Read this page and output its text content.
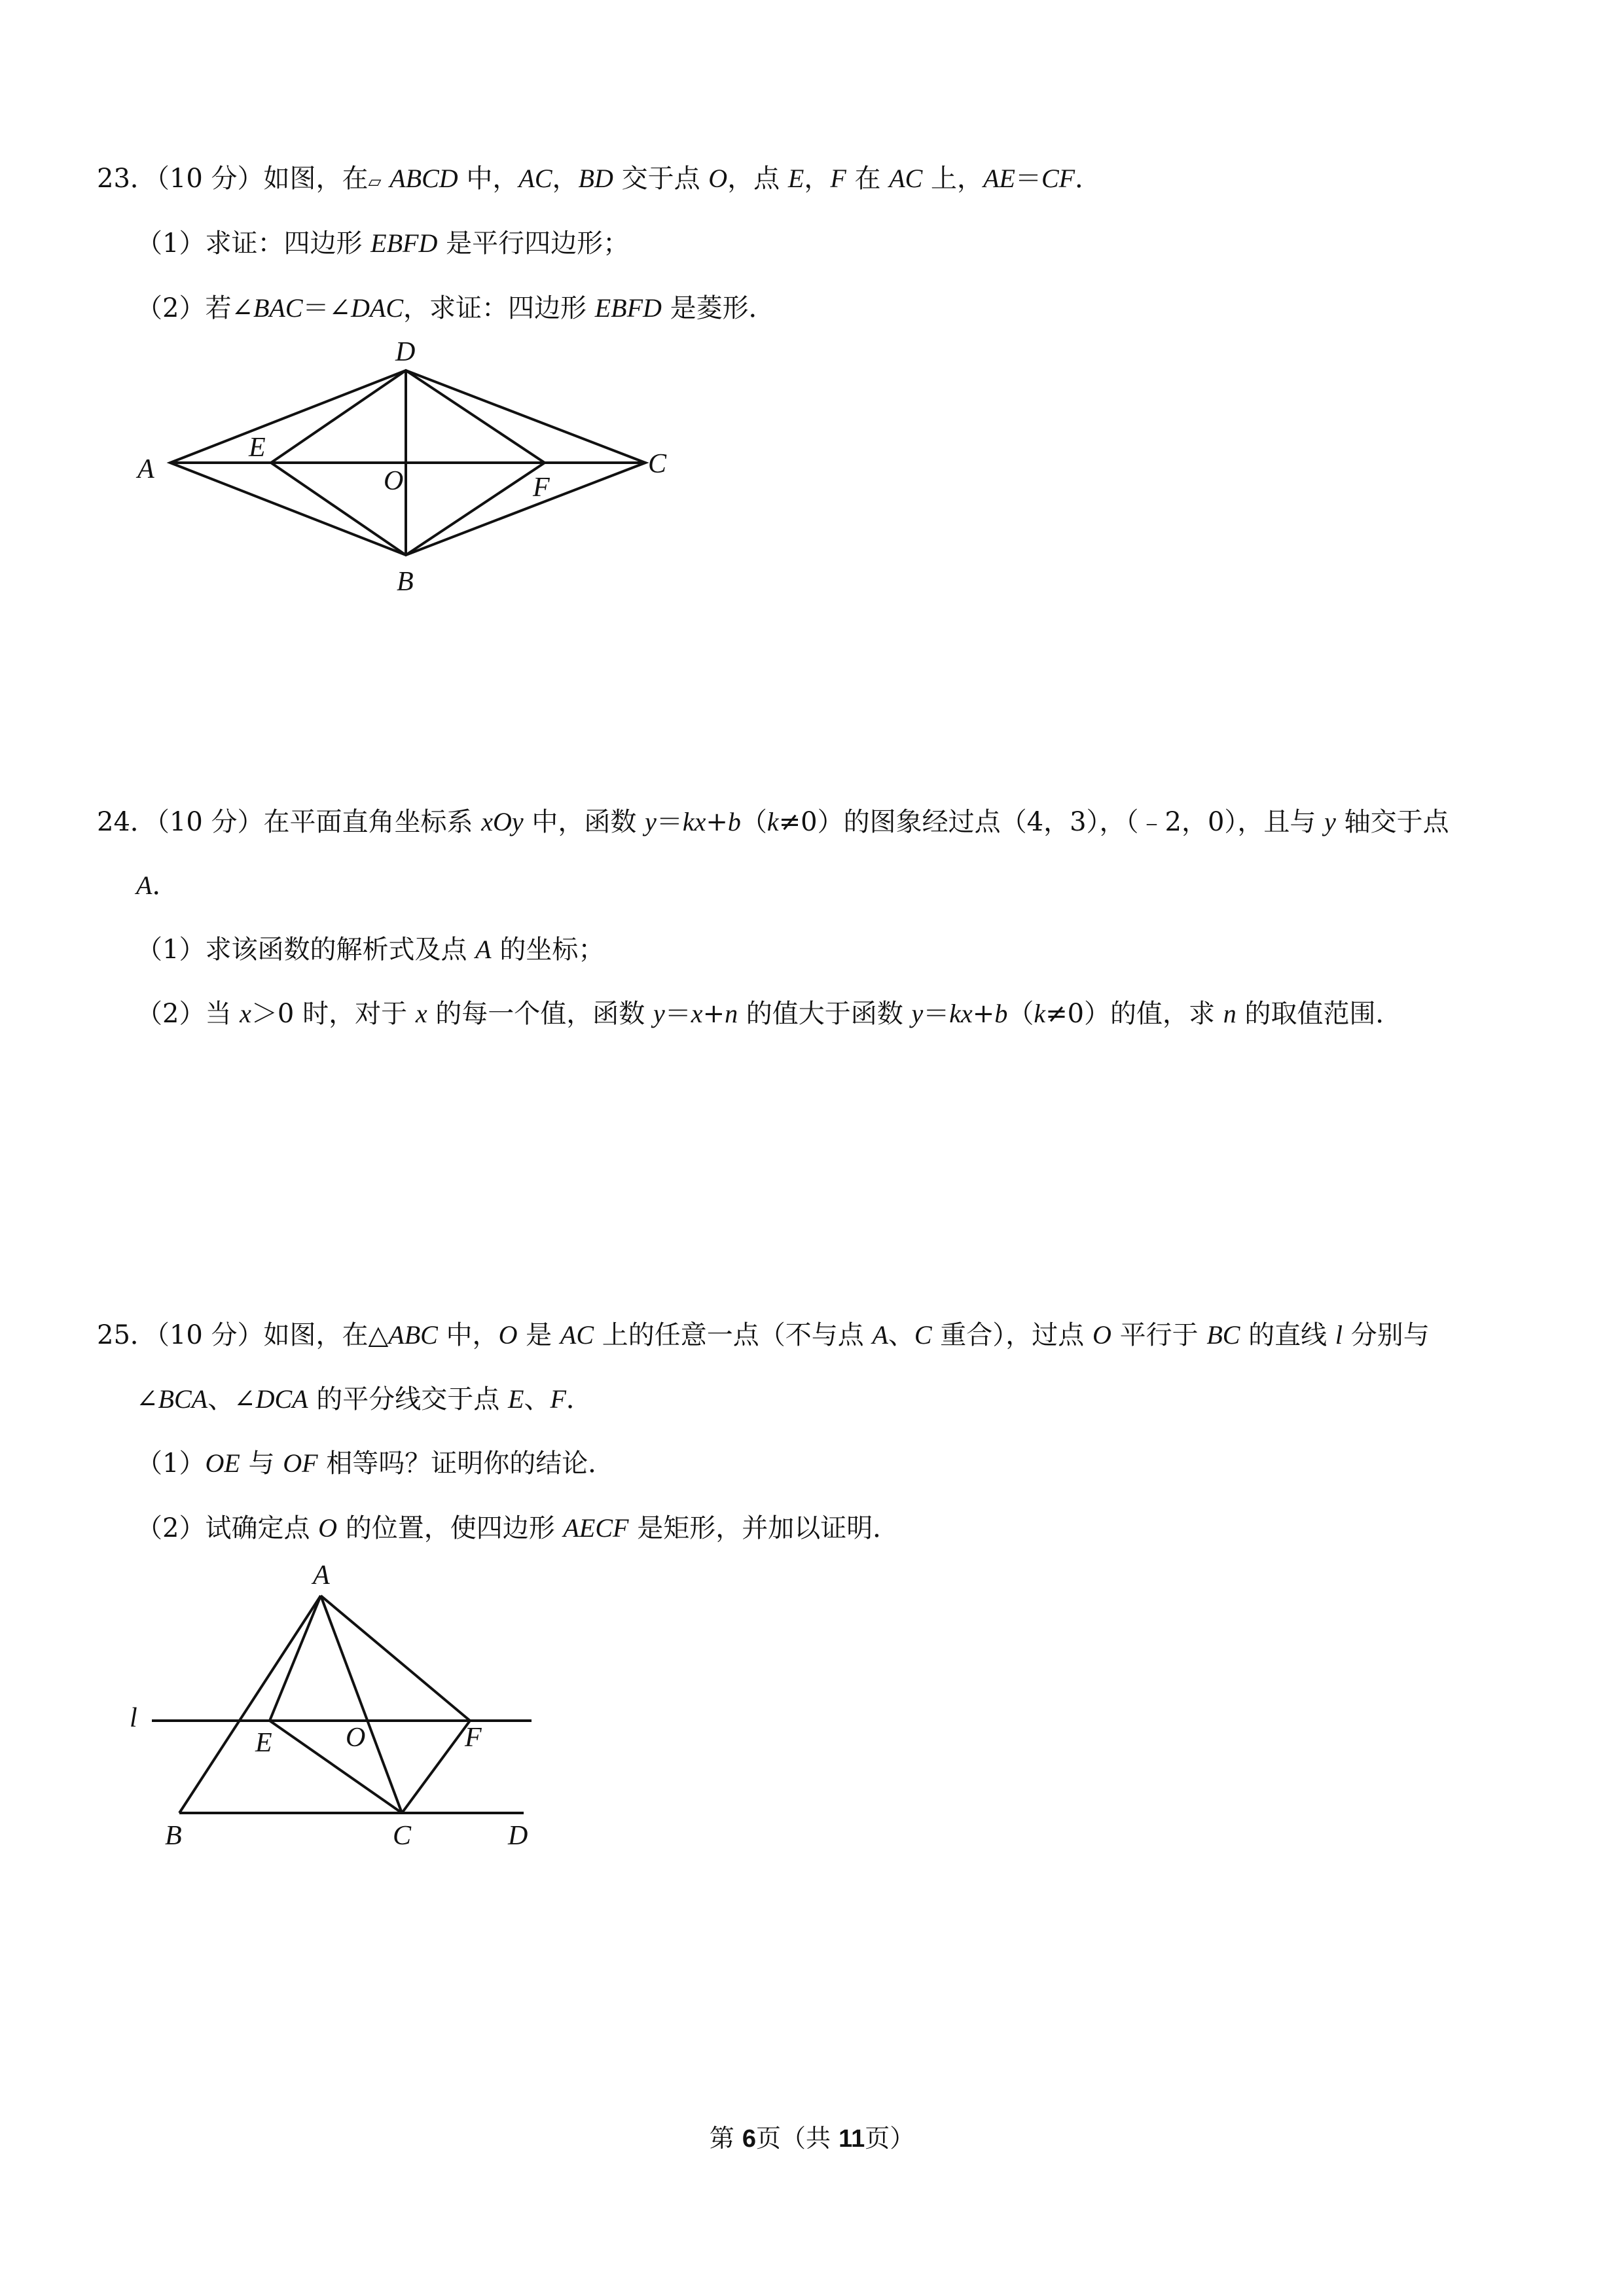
23．（10 分）如图，在▱ ABCD 中，AC，BD 交于点 O，点 E，F 在 AC 上，AE＝CF．
（1）求证：四边形 EBFD 是平行四边形；
（2）若∠BAC＝∠DAC，求证：四边形 EBFD 是菱形．
D
A
E
O	F
C
B
24．（10 分）在平面直角坐标系 xOy 中，函数 y＝kx+b（k≠0）的图象经过点（4，3），（﹣2，0），且与 y 轴交于点
A．
（1）求该函数的解析式及点 A 的坐标；
（2）当 x＞0 时，对于 x 的每一个值，函数 y＝x+n 的值大于函数 y＝kx+b（k≠0）的值，求 n 的取值范围．
25．（10 分）如图，在△ABC 中，O 是 AC 上的任意一点（不与点 A、C 重合），过点 O 平行于 BC 的直线 l 分别与
∠BCA、∠DCA 的平分线交于点 E、F．
（1）OE 与 OF 相等吗？证明你的结论．
（2）试确定点 O 的位置，使四边形 AECF 是矩形，并加以证明．
A
l
E	O	F
B	C	D
第 6页（共 11页）
